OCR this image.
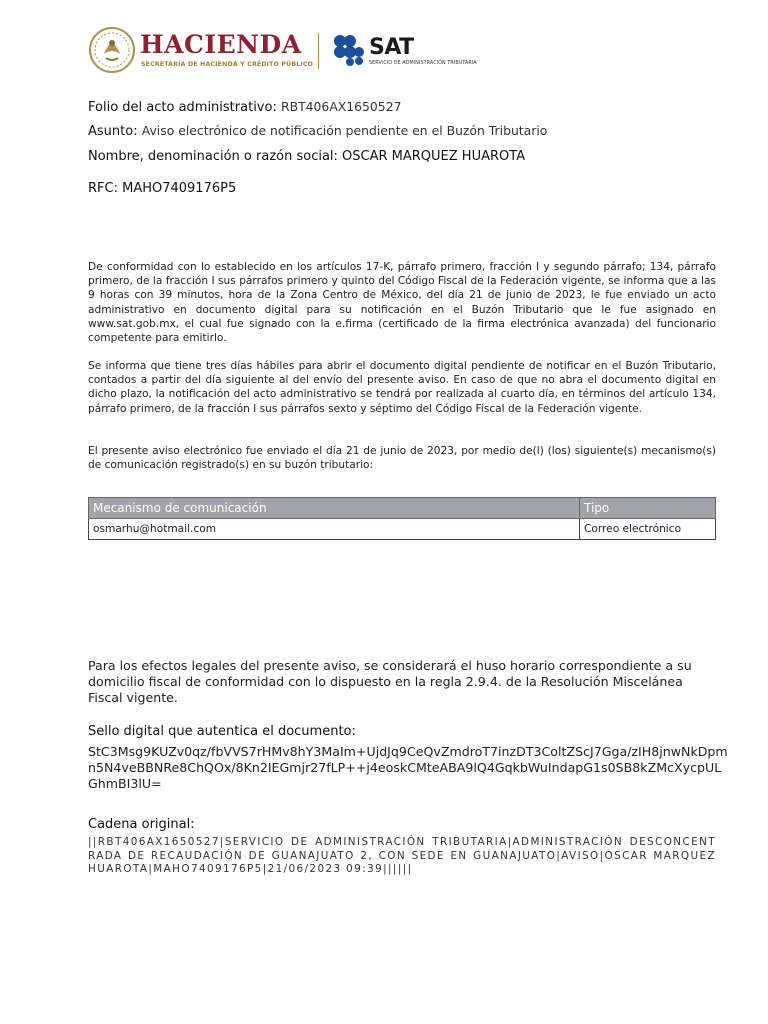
HACIENDA
SECRETARÍA DE HACIENDA Y CRÉDITO PÚBLICO
SAT
SERVICIO DE ADMINISTRACIÓN TRIBUTARIA
Folio del acto administrativo: RBT406AX1650527
Asunto: Aviso electrónico de notificación pendiente en el Buzón Tributario
Nombre, denominación o razón social: OSCAR MARQUEZ HUAROTA
RFC: MAHO7409176P5
De conformidad con lo establecido en los artículos 17-K, párrafo primero, fracción I y segundo párrafo; 134, párrafo primero, de la fracción I sus párrafos primero y quinto del Código Fiscal de la Federación vigente, se informa que a las 9 horas con 39 minutos, hora de la Zona Centro de México, del día 21 de junio de 2023, le fue enviado un acto administrativo en documento digital para su notificación en el Buzón Tributario que le fue asignado en www.sat.gob.mx, el cual fue signado con la e.firma (certificado de la firma electrónica avanzada) del funcionario competente para emitirlo.
Se informa que tiene tres días hábiles para abrir el documento digital pendiente de notificar en el Buzón Tributario, contados a partir del día siguiente al del envío del presente aviso. En caso de que no abra el documento digital en dicho plazo, la notificación del acto administrativo se tendrá por realizada al cuarto día, en términos del artículo 134, párrafo primero, de la fracción I sus párrafos sexto y séptimo del Código Fiscal de la Federación vigente.
El presente aviso electrónico fue enviado el día 21 de junio de 2023, por medio de(l) (los) siguiente(s) mecanismo(s) de comunicación registrado(s) en su buzón tributario:
Mecanismo de comunicación	Tipo
osmarhu@hotmail.com	Correo electrónico
Para los efectos legales del presente aviso, se considerará el huso horario correspondiente a su domicilio fiscal de conformidad con lo dispuesto en la regla 2.9.4. de la Resolución Miscelánea Fiscal vigente.
Sello digital que autentica el documento:
StC3Msg9KUZv0qz/fbVVS7rHMv8hY3MaIm+UjdJq9CeQvZmdroT7inzDT3ColtZScJ7Gga/zIH8jnwNkDpmn5N4veBBNRe8ChQOx/8Kn2IEGmjr27fLP++j4eoskCMteABA9lQ4GqkbWuIndapG1s0SB8kZMcXycpULGhmBI3lU=
Cadena original:
||RBT406AX1650527|SERVICIO DE ADMINISTRACIÓN TRIBUTARIA|ADMINISTRACIÓN DESCONCENTRADA DE RECAUDACIÓN DE GUANAJUATO 2, CON SEDE EN GUANAJUATO|AVISO|OSCAR MARQUEZ HUAROTA|MAHO7409176P5|21/06/2023 09:39||||||
